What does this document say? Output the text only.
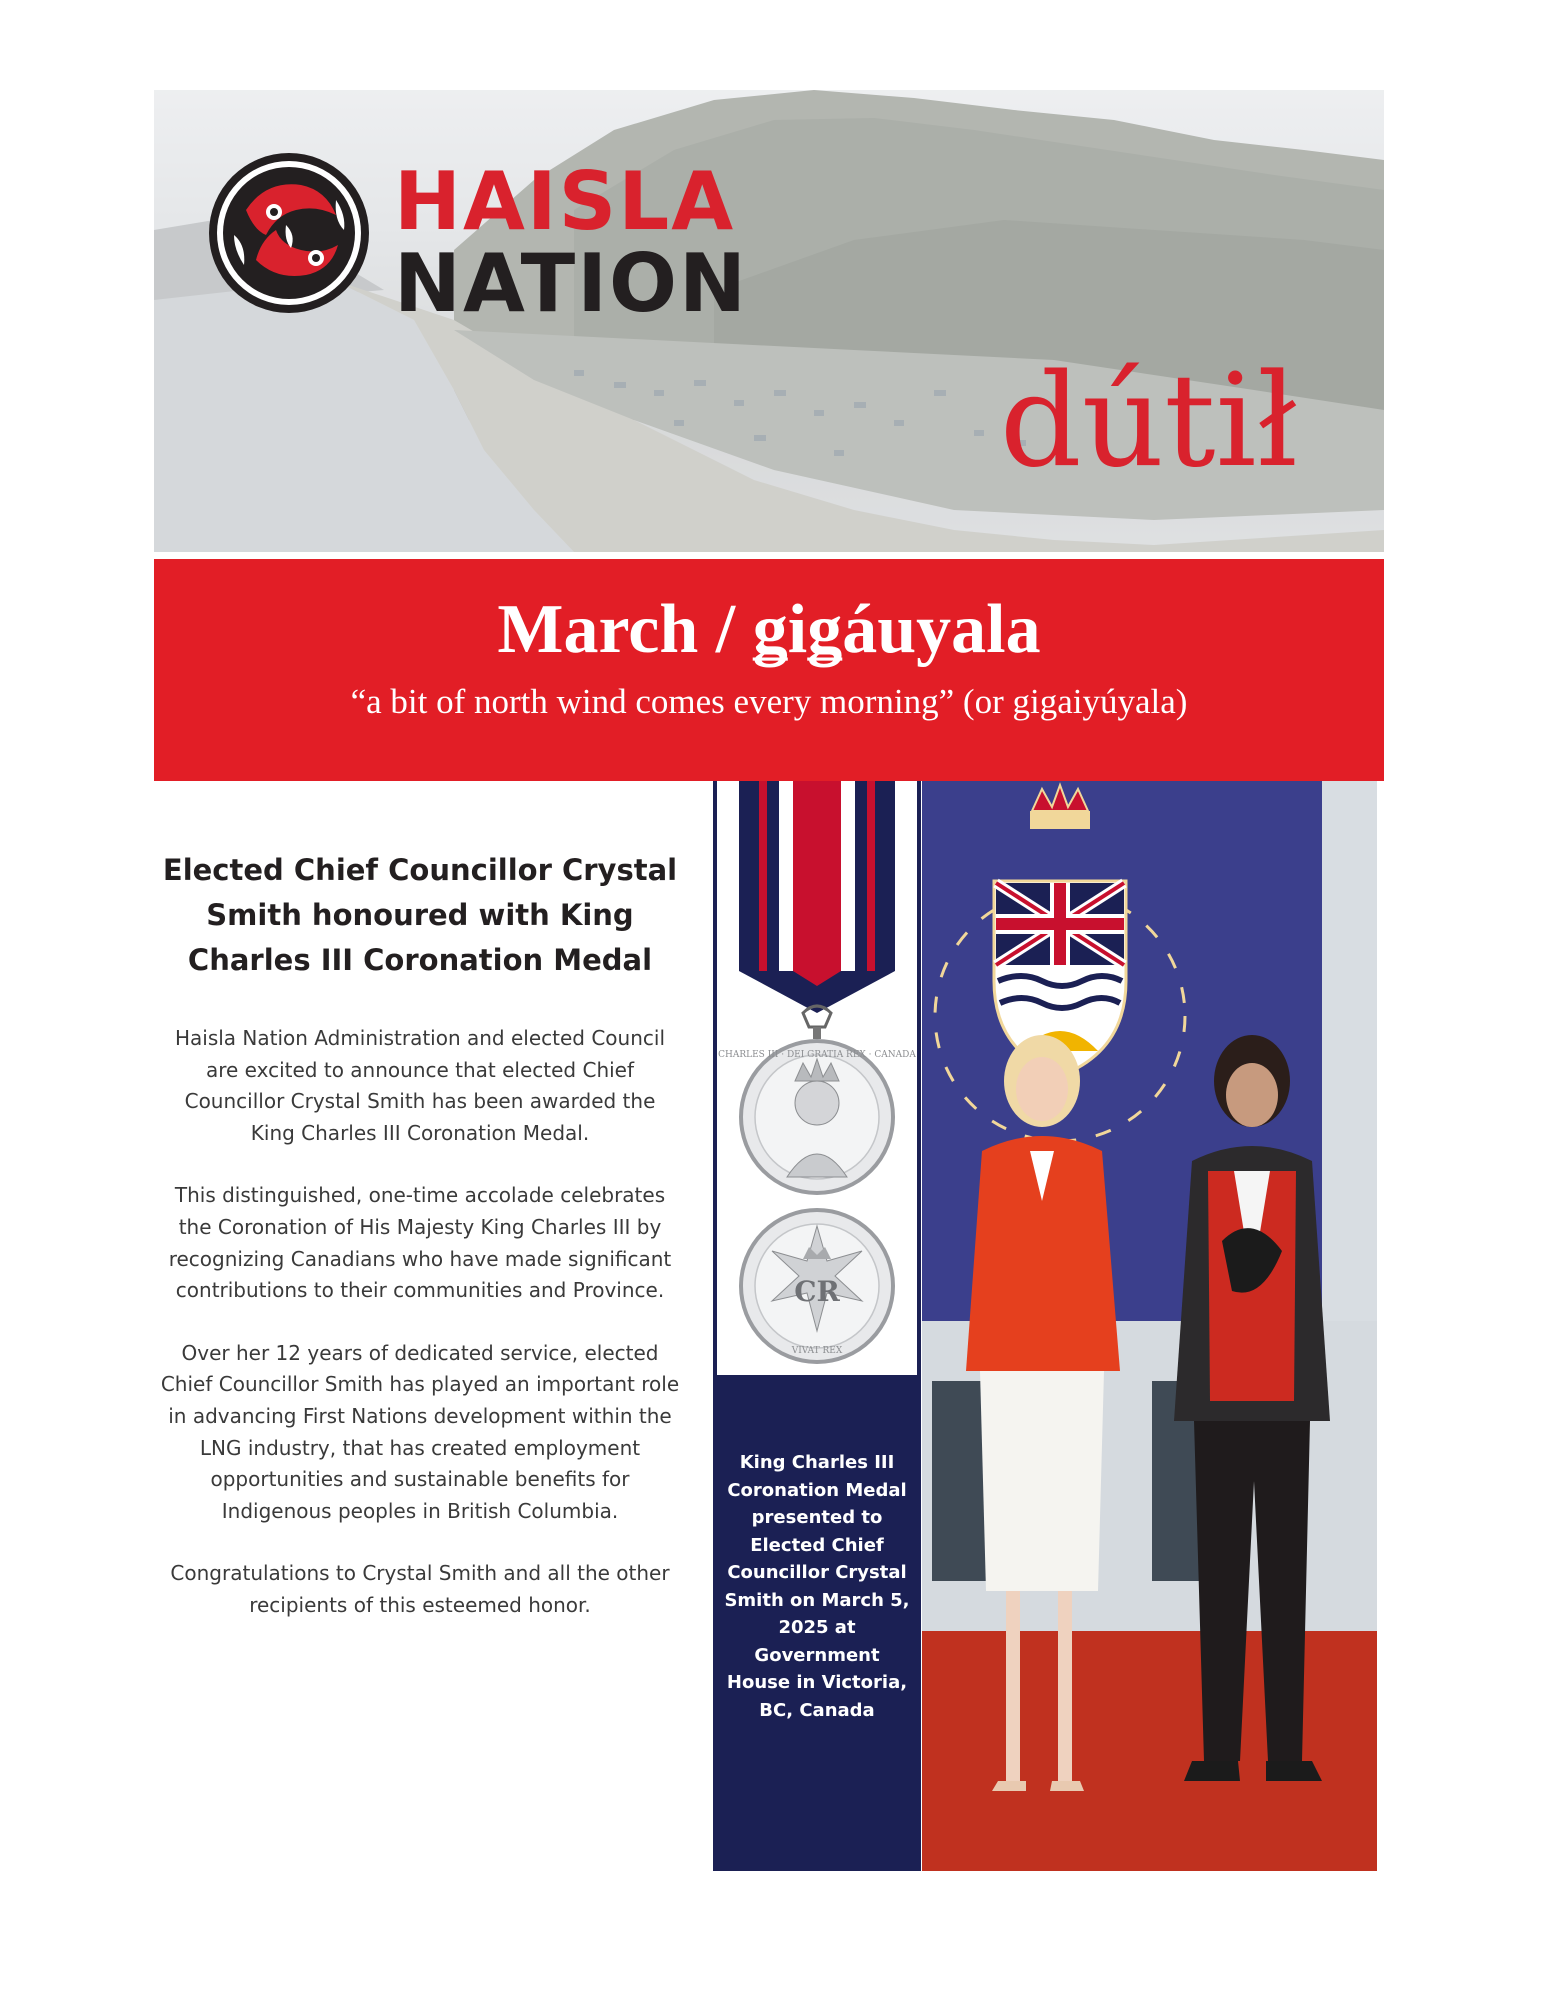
HAISLA
NATION
dútił
March / ǥiǥáuyala
“a bit of north wind comes every morning” (or gigaiyúyala)
Elected Chief Councillor Crystal Smith honoured with King Charles III Coronation Medal

Haisla Nation Administration and elected Council are excited to announce that elected Chief Councillor Crystal Smith has been awarded the King Charles III Coronation Medal.

This distinguished, one-time accolade celebrates the Coronation of His Majesty King Charles III by recognizing Canadians who have made significant contributions to their communities and Province.

Over her 12 years of dedicated service, elected Chief Councillor Smith has played an important role in advancing First Nations development within the LNG industry, that has created employment opportunities and sustainable benefits for Indigenous peoples in British Columbia.

Congratulations to Crystal Smith and all the other recipients of this esteemed honor.

CHARLES III · DEI GRATIA REX · CANADA
CR
VIVAT REX
King Charles III Coronation Medal presented to Elected Chief Councillor Crystal Smith on March 5, 2025 at Government House in Victoria, BC, Canada
